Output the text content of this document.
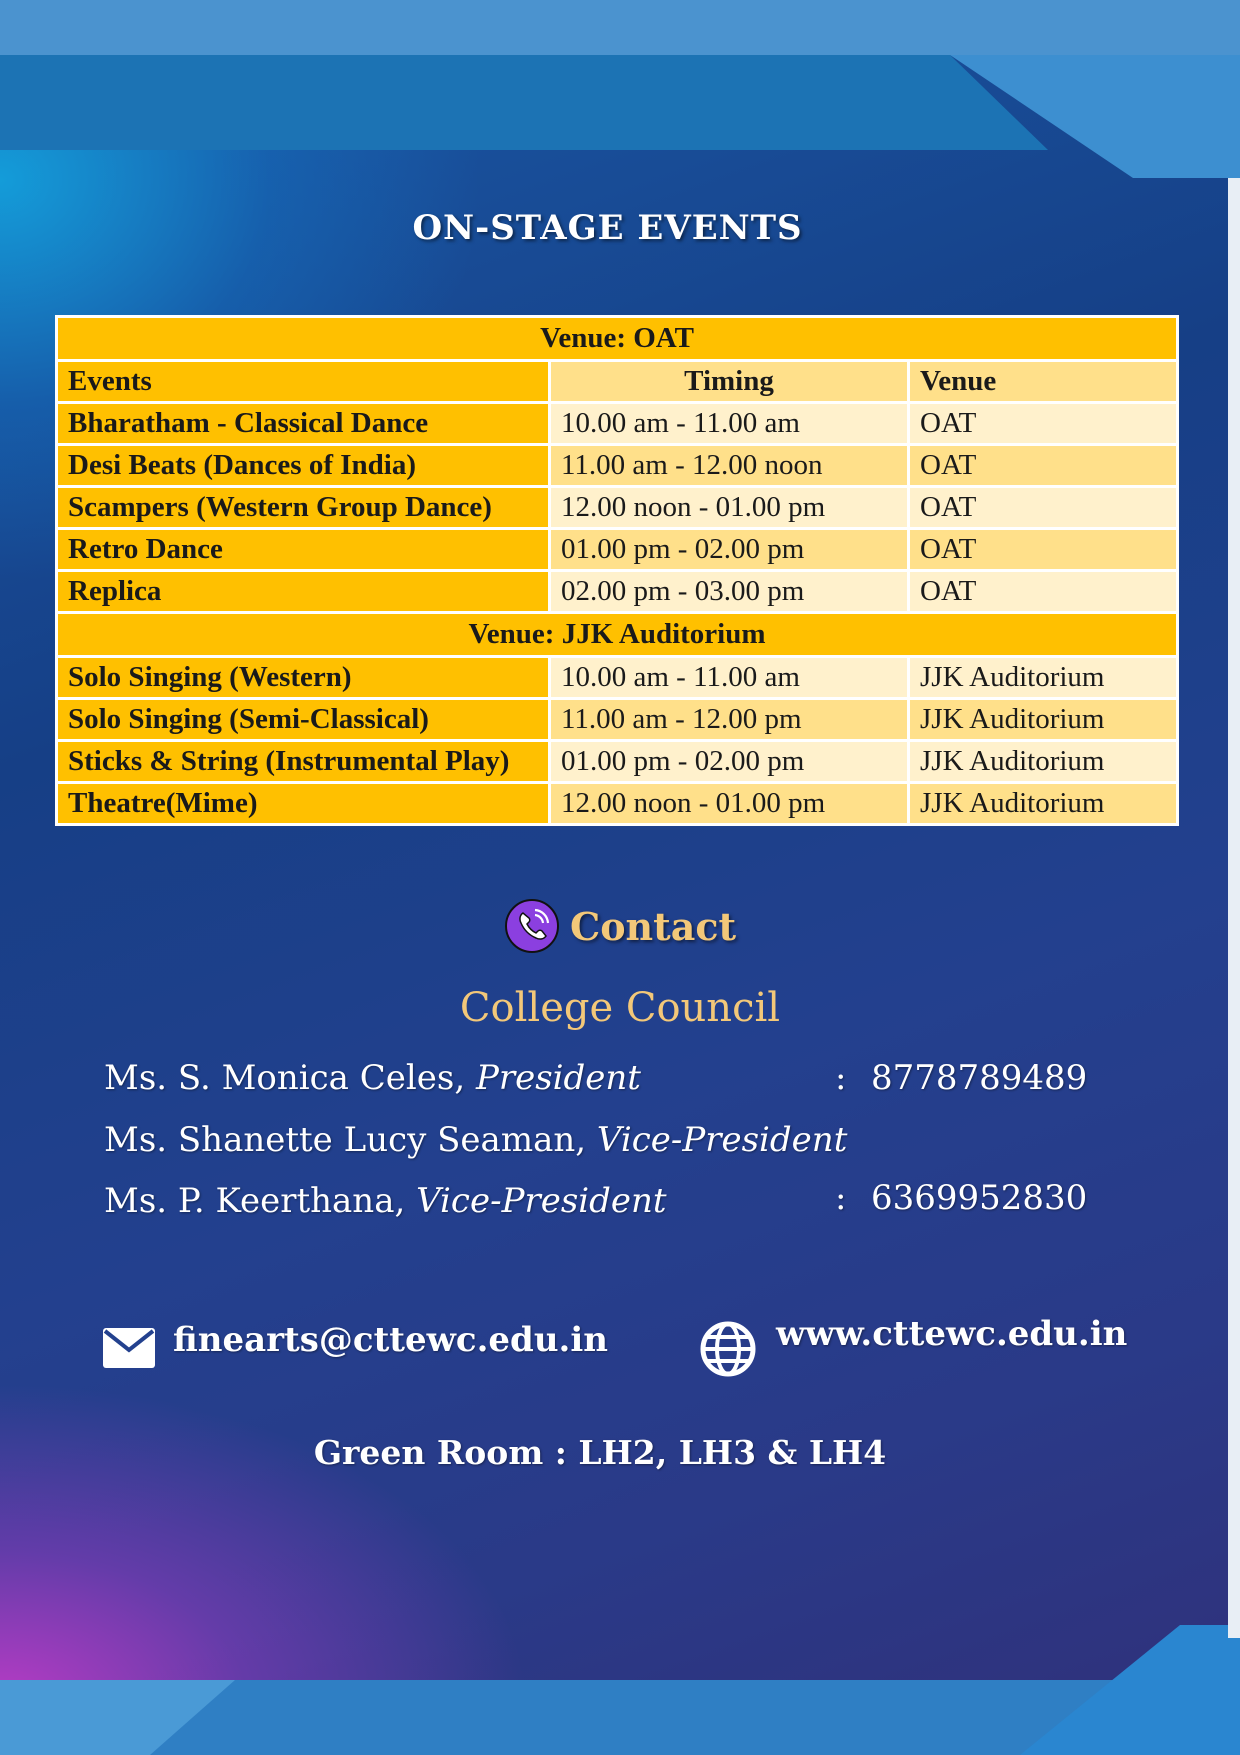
ON-STAGE EVENTS
Venue: OAT		
Events	Timing	Venue
Bharatham - Classical Dance	10.00 am - 11.00 am	OAT
Desi Beats (Dances of India)	11.00 am - 12.00 noon	OAT
Scampers (Western Group Dance)	12.00 noon - 01.00 pm	OAT
Retro Dance	01.00 pm - 02.00 pm	OAT
Replica	02.00 pm - 03.00 pm	OAT
Venue: JJK Auditorium		
Solo Singing (Western)	10.00 am - 11.00 am	JJK Auditorium
Solo Singing (Semi-Classical)	11.00 am - 12.00 pm	JJK Auditorium
Sticks & String (Instrumental Play)	01.00 pm - 02.00 pm	JJK Auditorium
Theatre(Mime)	12.00 noon - 01.00 pm	JJK Auditorium
Contact
College Council
Ms. S. Monica Celes, President	: 8778789489
Ms. Shanette Lucy Seaman, Vice-President
Ms. P. Keerthana, Vice-President	: 6369952830
finearts@cttewc.edu.in	www.cttewc.edu.in
Green Room : LH2, LH3 & LH4
